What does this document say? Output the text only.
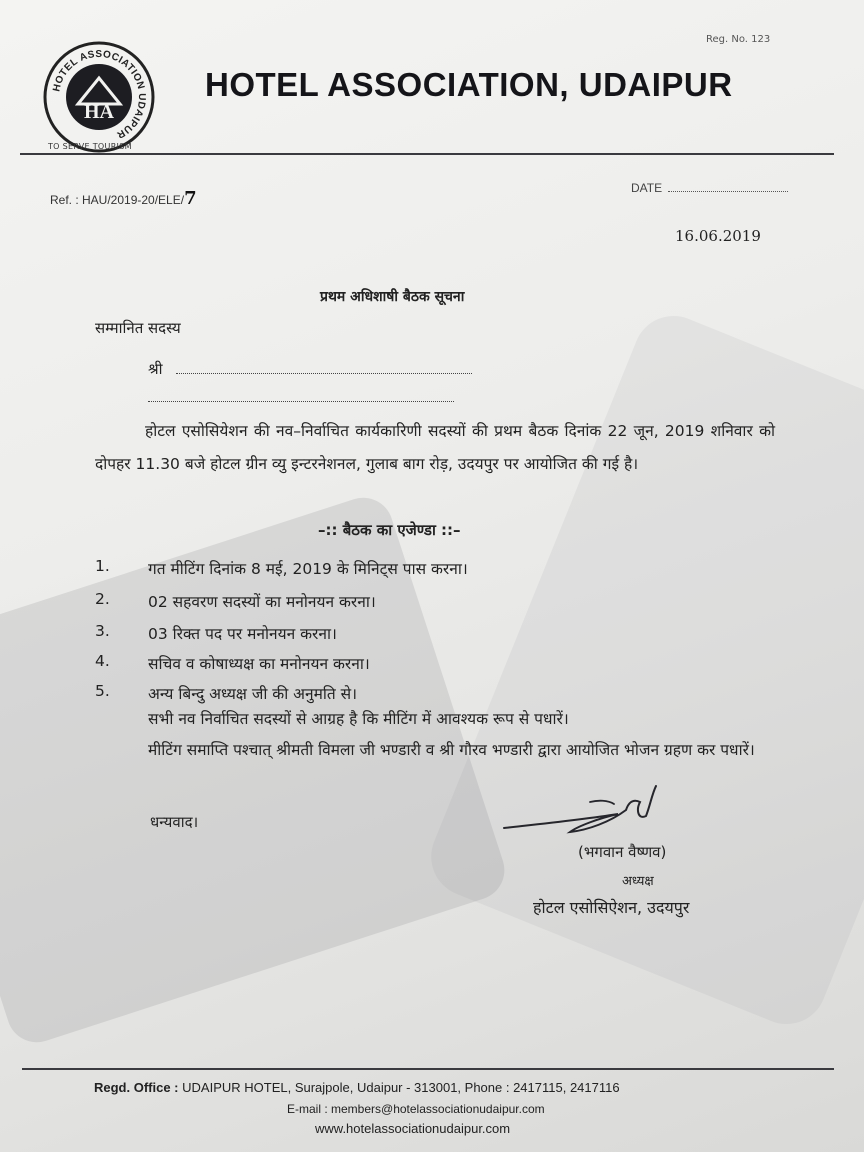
HOTEL ASSOCIATION UDAIPUR
HA
Reg. No. 123
HOTEL ASSOCIATION, UDAIPUR
TO SERVE TOURISM
Ref. : HAU/2019-20/ELE/7	DATE
16.06.2019
प्रथम अधिशाषी बैठक सूचना
सम्मानित सदस्य
श्री
होटल एसोसियेशन की नव–निर्वाचित कार्यकारिणी सदस्यों की प्रथम बैठक दिनांक 22 जून, 2019 शनिवार को दोपहर 11.30 बजे होटल ग्रीन व्यु इन्टरनेशनल, गुलाब बाग रोड़, उदयपुर पर आयोजित की गई है।
–:: बैठक का एजेण्डा ::–
1.	गत मीटिंग दिनांक 8 मई, 2019 के मिनिट्स पास करना।
2.	02 सहवरण सदस्यों का मनोनयन करना।
3.	03 रिक्त पद पर मनोनयन करना।
4.	सचिव व कोषाध्यक्ष का मनोनयन करना।
5.	अन्य बिन्दु अध्यक्ष जी की अनुमति से।
सभी नव निर्वाचित सदस्यों से आग्रह है कि मीटिंग में आवश्यक रूप से पधारें।
मीटिंग समाप्ति पश्चात् श्रीमती विमला जी भण्डारी व श्री गौरव भण्डारी द्वारा आयोजित भोजन ग्रहण कर पधारें।
धन्यवाद।
(भगवान वैष्णव)
अध्यक्ष
होटल एसोसिऐशन, उदयपुर
Regd. Office : UDAIPUR HOTEL, Surajpole, Udaipur - 313001, Phone : 2417115, 2417116
E-mail : members@hotelassociationudaipur.com
www.hotelassociationudaipur.com
